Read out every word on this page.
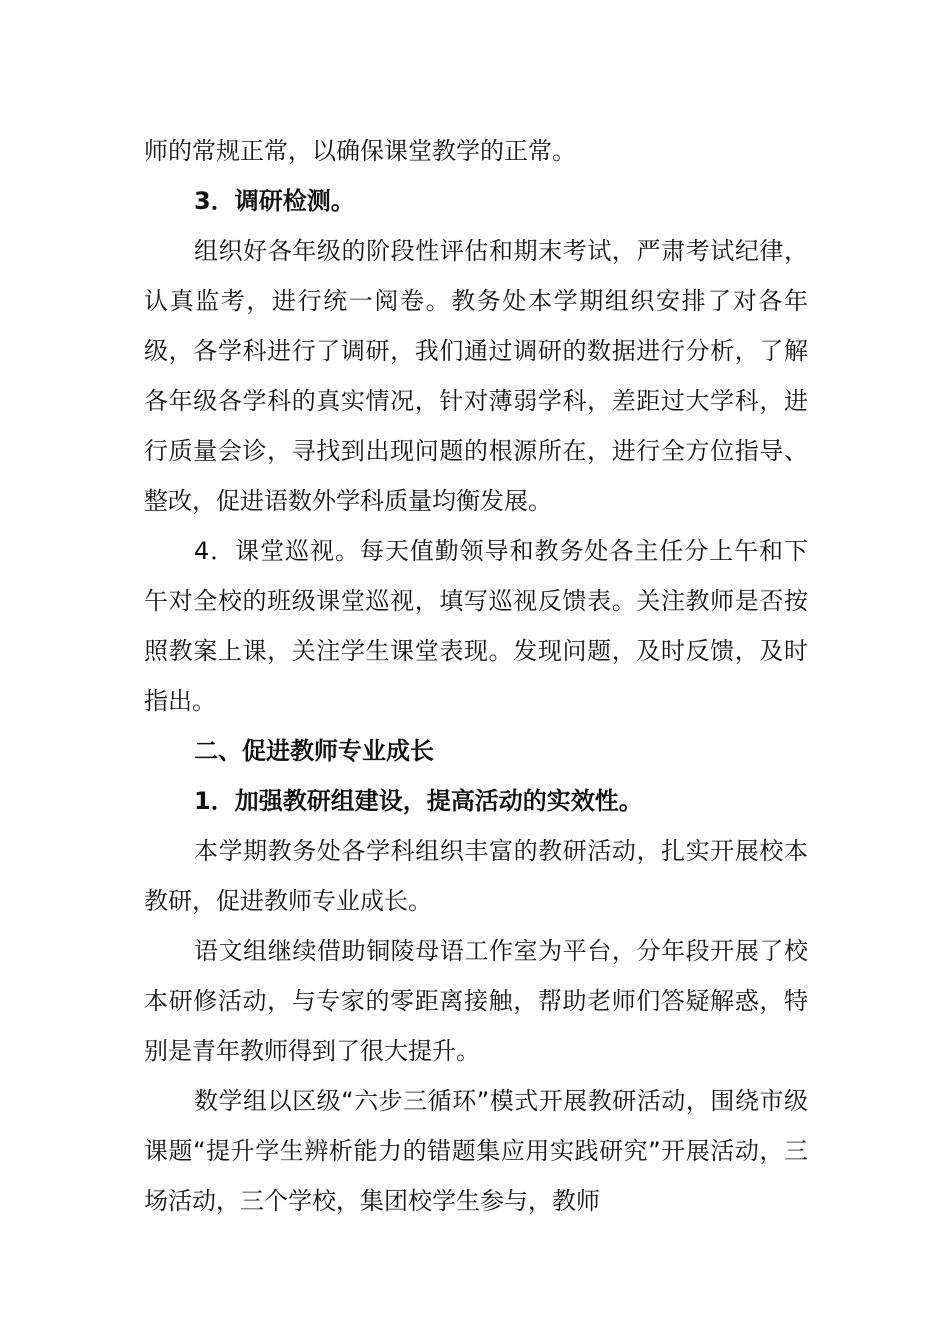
师的常规正常，以确保课堂教学的正常。

3．调研检测。

组织好各年级的阶段性评估和期末考试，严肃考试纪律，认真监考，进行统一阅卷。教务处本学期组织安排了对各年级，各学科进行了调研，我们通过调研的数据进行分析，了解各年级各学科的真实情况，针对薄弱学科，差距过大学科，进行质量会诊，寻找到出现问题的根源所在，进行全方位指导、整改，促进语数外学科质量均衡发展。

4．课堂巡视。每天值勤领导和教务处各主任分上午和下午对全校的班级课堂巡视，填写巡视反馈表。关注教师是否按照教案上课，关注学生课堂表现。发现问题，及时反馈，及时指出。

二、促进教师专业成长

1．加强教研组建设，提高活动的实效性。

本学期教务处各学科组织丰富的教研活动，扎实开展校本教研，促进教师专业成长。

语文组继续借助铜陵母语工作室为平台，分年段开展了校本研修活动，与专家的零距离接触，帮助老师们答疑解惑，特别是青年教师得到了很大提升。

数学组以区级“六步三循环”模式开展教研活动，围绕市级课题“提升学生辨析能力的错题集应用实践研究”开展活动，三场活动，三个学校，集团校学生参与，教师
